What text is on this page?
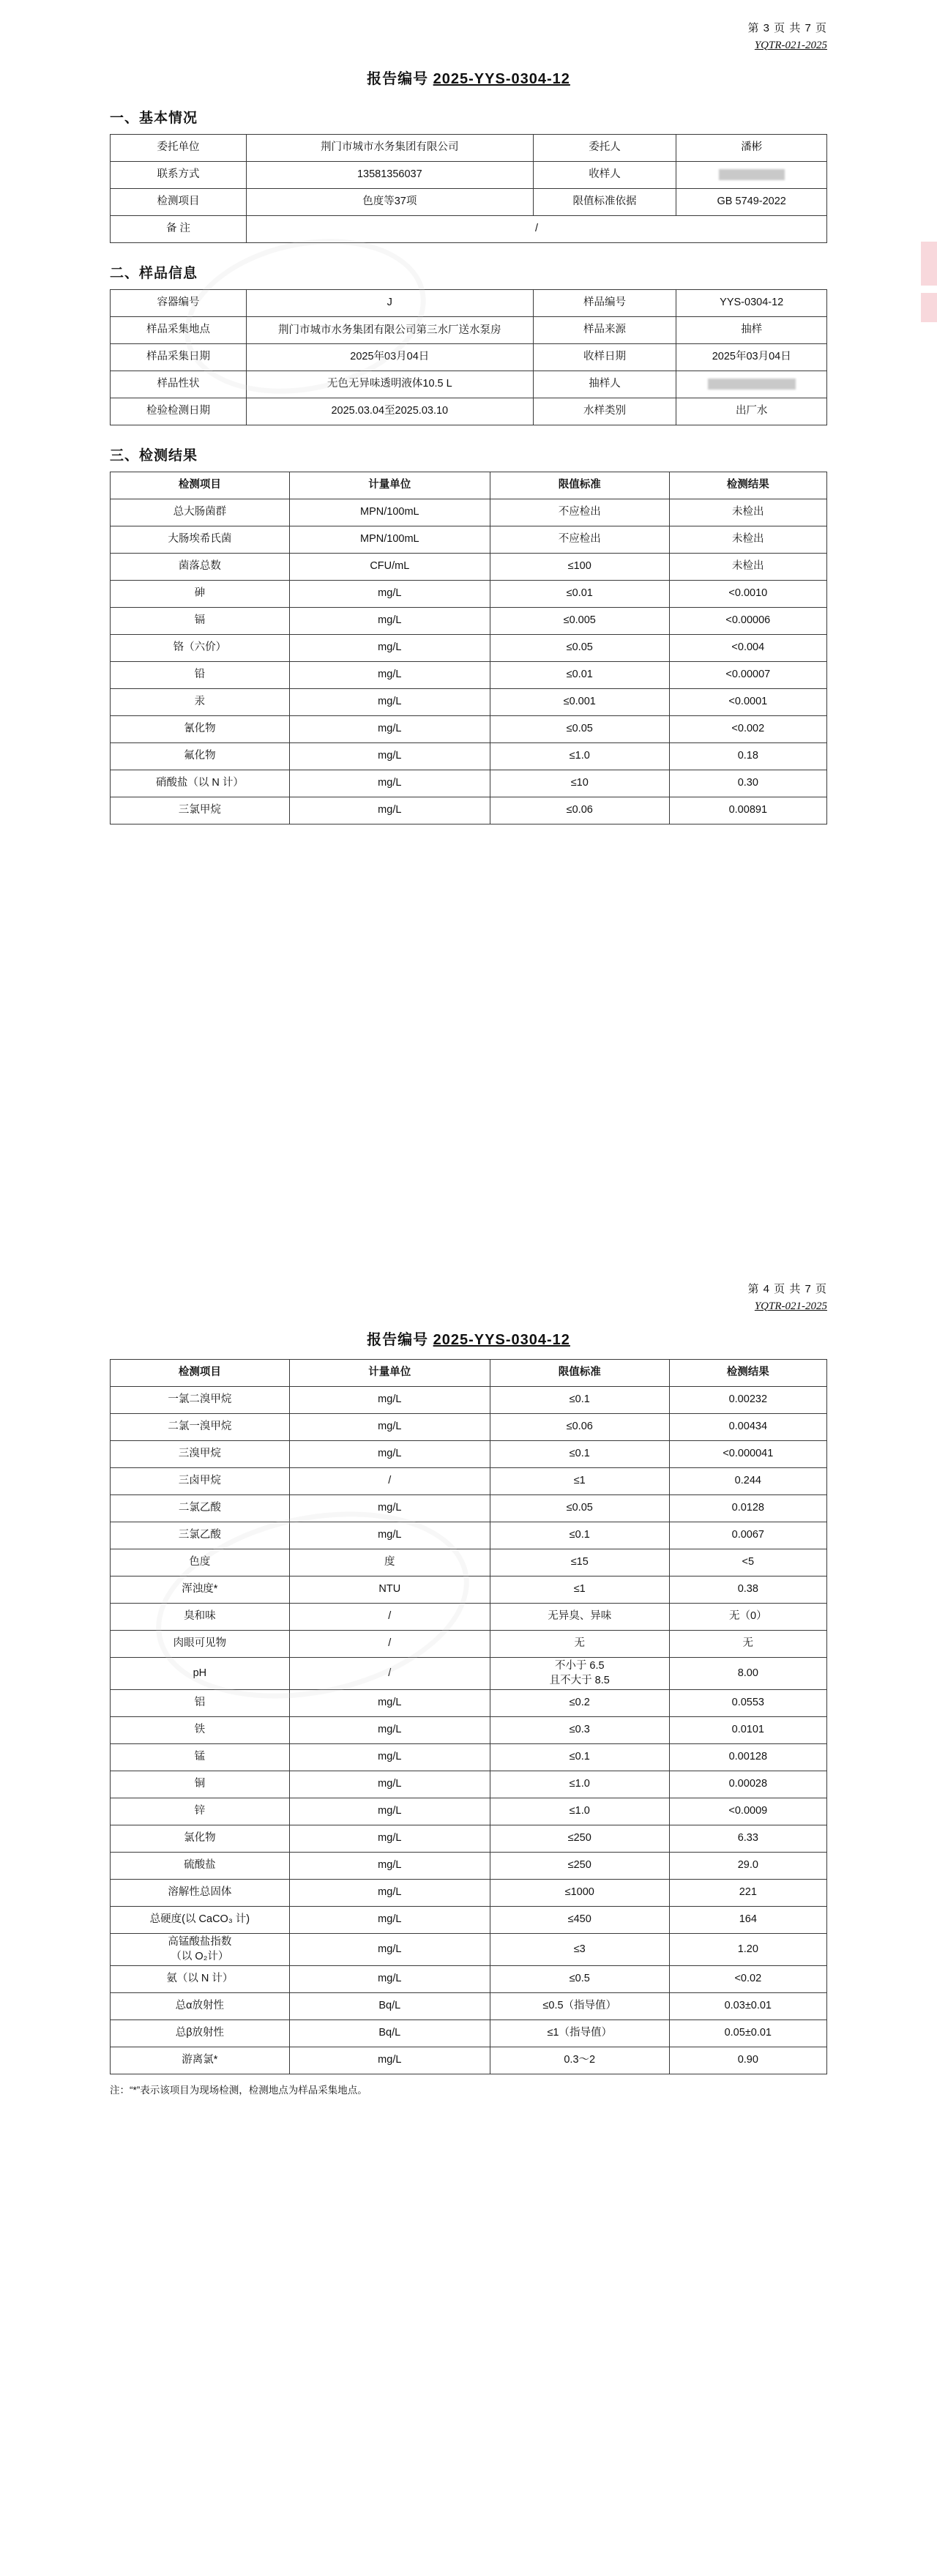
第 3 页 共 7 页
YQTR-021-2025
报告编号 2025-YYS-0304-12
一、基本情况
委托单位	荆门市城市水务集团有限公司	委托人	潘彬
联系方式	13581356037	收样人	
检测项目	色度等37项	限值标准依据	GB 5749-2022
备 注	/		
二、样品信息
容器编号	J	样品编号	YYS-0304-12
样品采集地点	荆门市城市水务集团有限公司第三水厂送水泵房	样品来源	抽样
样品采集日期	2025年03月04日	收样日期	2025年03月04日
样品性状	无色无异味透明液体10.5 L	抽样人	
检验检测日期	2025.03.04至2025.03.10	水样类别	出厂水
三、检测结果
检测项目	计量单位	限值标准	检测结果
总大肠菌群	MPN/100mL	不应检出	未检出
大肠埃希氏菌	MPN/100mL	不应检出	未检出
菌落总数	CFU/mL	≤100	未检出
砷	mg/L	≤0.01	<0.0010
镉	mg/L	≤0.005	<0.00006
铬（六价）	mg/L	≤0.05	<0.004
铅	mg/L	≤0.01	<0.00007
汞	mg/L	≤0.001	<0.0001
氰化物	mg/L	≤0.05	<0.002
氟化物	mg/L	≤1.0	0.18
硝酸盐（以 N 计）	mg/L	≤10	0.30
三氯甲烷	mg/L	≤0.06	0.00891
第 4 页 共 7 页
YQTR-021-2025
报告编号 2025-YYS-0304-12
检测项目	计量单位	限值标准	检测结果
一氯二溴甲烷	mg/L	≤0.1	0.00232
二氯一溴甲烷	mg/L	≤0.06	0.00434
三溴甲烷	mg/L	≤0.1	<0.000041
三卤甲烷	/	≤1	0.244
二氯乙酸	mg/L	≤0.05	0.0128
三氯乙酸	mg/L	≤0.1	0.0067
色度	度	≤15	<5
浑浊度*	NTU	≤1	0.38
臭和味	/	无异臭、异味	无（0）
肉眼可见物	/	无	无
pH	/	不小于 6.5
且不大于 8.5	8.00
铝	mg/L	≤0.2	0.0553
铁	mg/L	≤0.3	0.0101
锰	mg/L	≤0.1	0.00128
铜	mg/L	≤1.0	0.00028
锌	mg/L	≤1.0	<0.0009
氯化物	mg/L	≤250	6.33
硫酸盐	mg/L	≤250	29.0
溶解性总固体	mg/L	≤1000	221
总硬度(以 CaCO₃ 计)	mg/L	≤450	164
高锰酸盐指数
（以 O₂计）	mg/L	≤3	1.20
氨（以 N 计）	mg/L	≤0.5	<0.02
总α放射性	Bq/L	≤0.5（指导值）	0.03±0.01
总β放射性	Bq/L	≤1（指导值）	0.05±0.01
游离氯*	mg/L	0.3～2	0.90
注：“*”表示该项目为现场检测，检测地点为样品采集地点。
